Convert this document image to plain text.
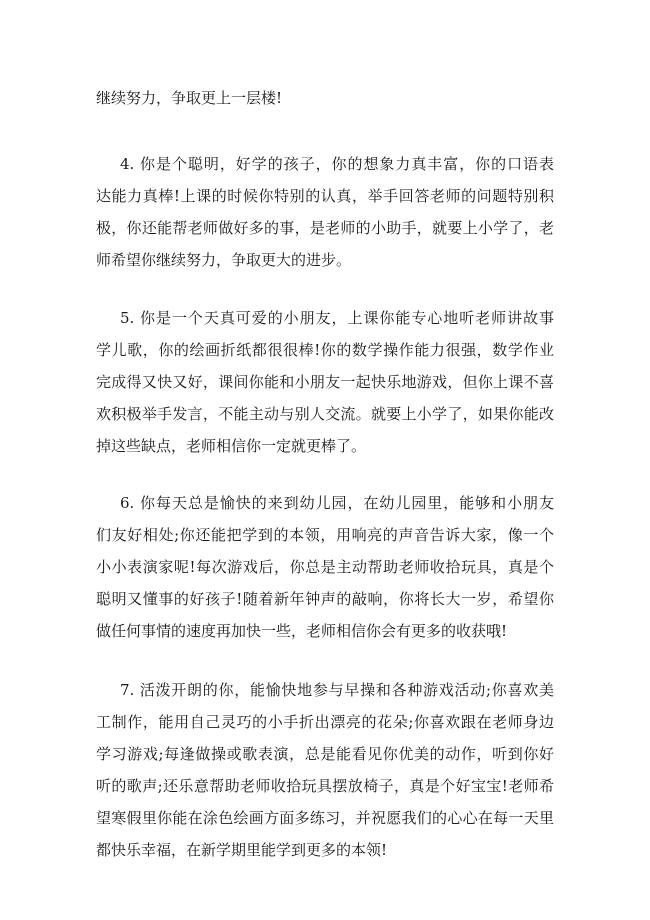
继续努力，争取更上一层楼!
4. 你是个聪明，好学的孩子，你的想象力真丰富，你的口语表
达能力真棒!上课的时候你特别的认真，举手回答老师的问题特别积
极，你还能帮老师做好多的事，是老师的小助手，就要上小学了，老
师希望你继续努力，争取更大的进步。
5. 你是一个天真可爱的小朋友，上课你能专心地听老师讲故事
学儿歌，你的绘画折纸都很很棒!你的数学操作能力很强，数学作业
完成得又快又好，课间你能和小朋友一起快乐地游戏，但你上课不喜
欢积极举手发言，不能主动与别人交流。就要上小学了，如果你能改
掉这些缺点，老师相信你一定就更棒了。
6. 你每天总是愉快的来到幼儿园，在幼儿园里，能够和小朋友
们友好相处;你还能把学到的本领，用响亮的声音告诉大家，像一个
小小表演家呢!每次游戏后，你总是主动帮助老师收拾玩具，真是个
聪明又懂事的好孩子!随着新年钟声的敲响，你将长大一岁，希望你
做任何事情的速度再加快一些，老师相信你会有更多的收获哦!
7. 活泼开朗的你，能愉快地参与早操和各种游戏活动;你喜欢美
工制作，能用自己灵巧的小手折出漂亮的花朵;你喜欢跟在老师身边
学习游戏;每逢做操或歌表演，总是能看见你优美的动作，听到你好
听的歌声;还乐意帮助老师收拾玩具摆放椅子，真是个好宝宝!老师希
望寒假里你能在涂色绘画方面多练习，并祝愿我们的心心在每一天里
都快乐幸福，在新学期里能学到更多的本领!
